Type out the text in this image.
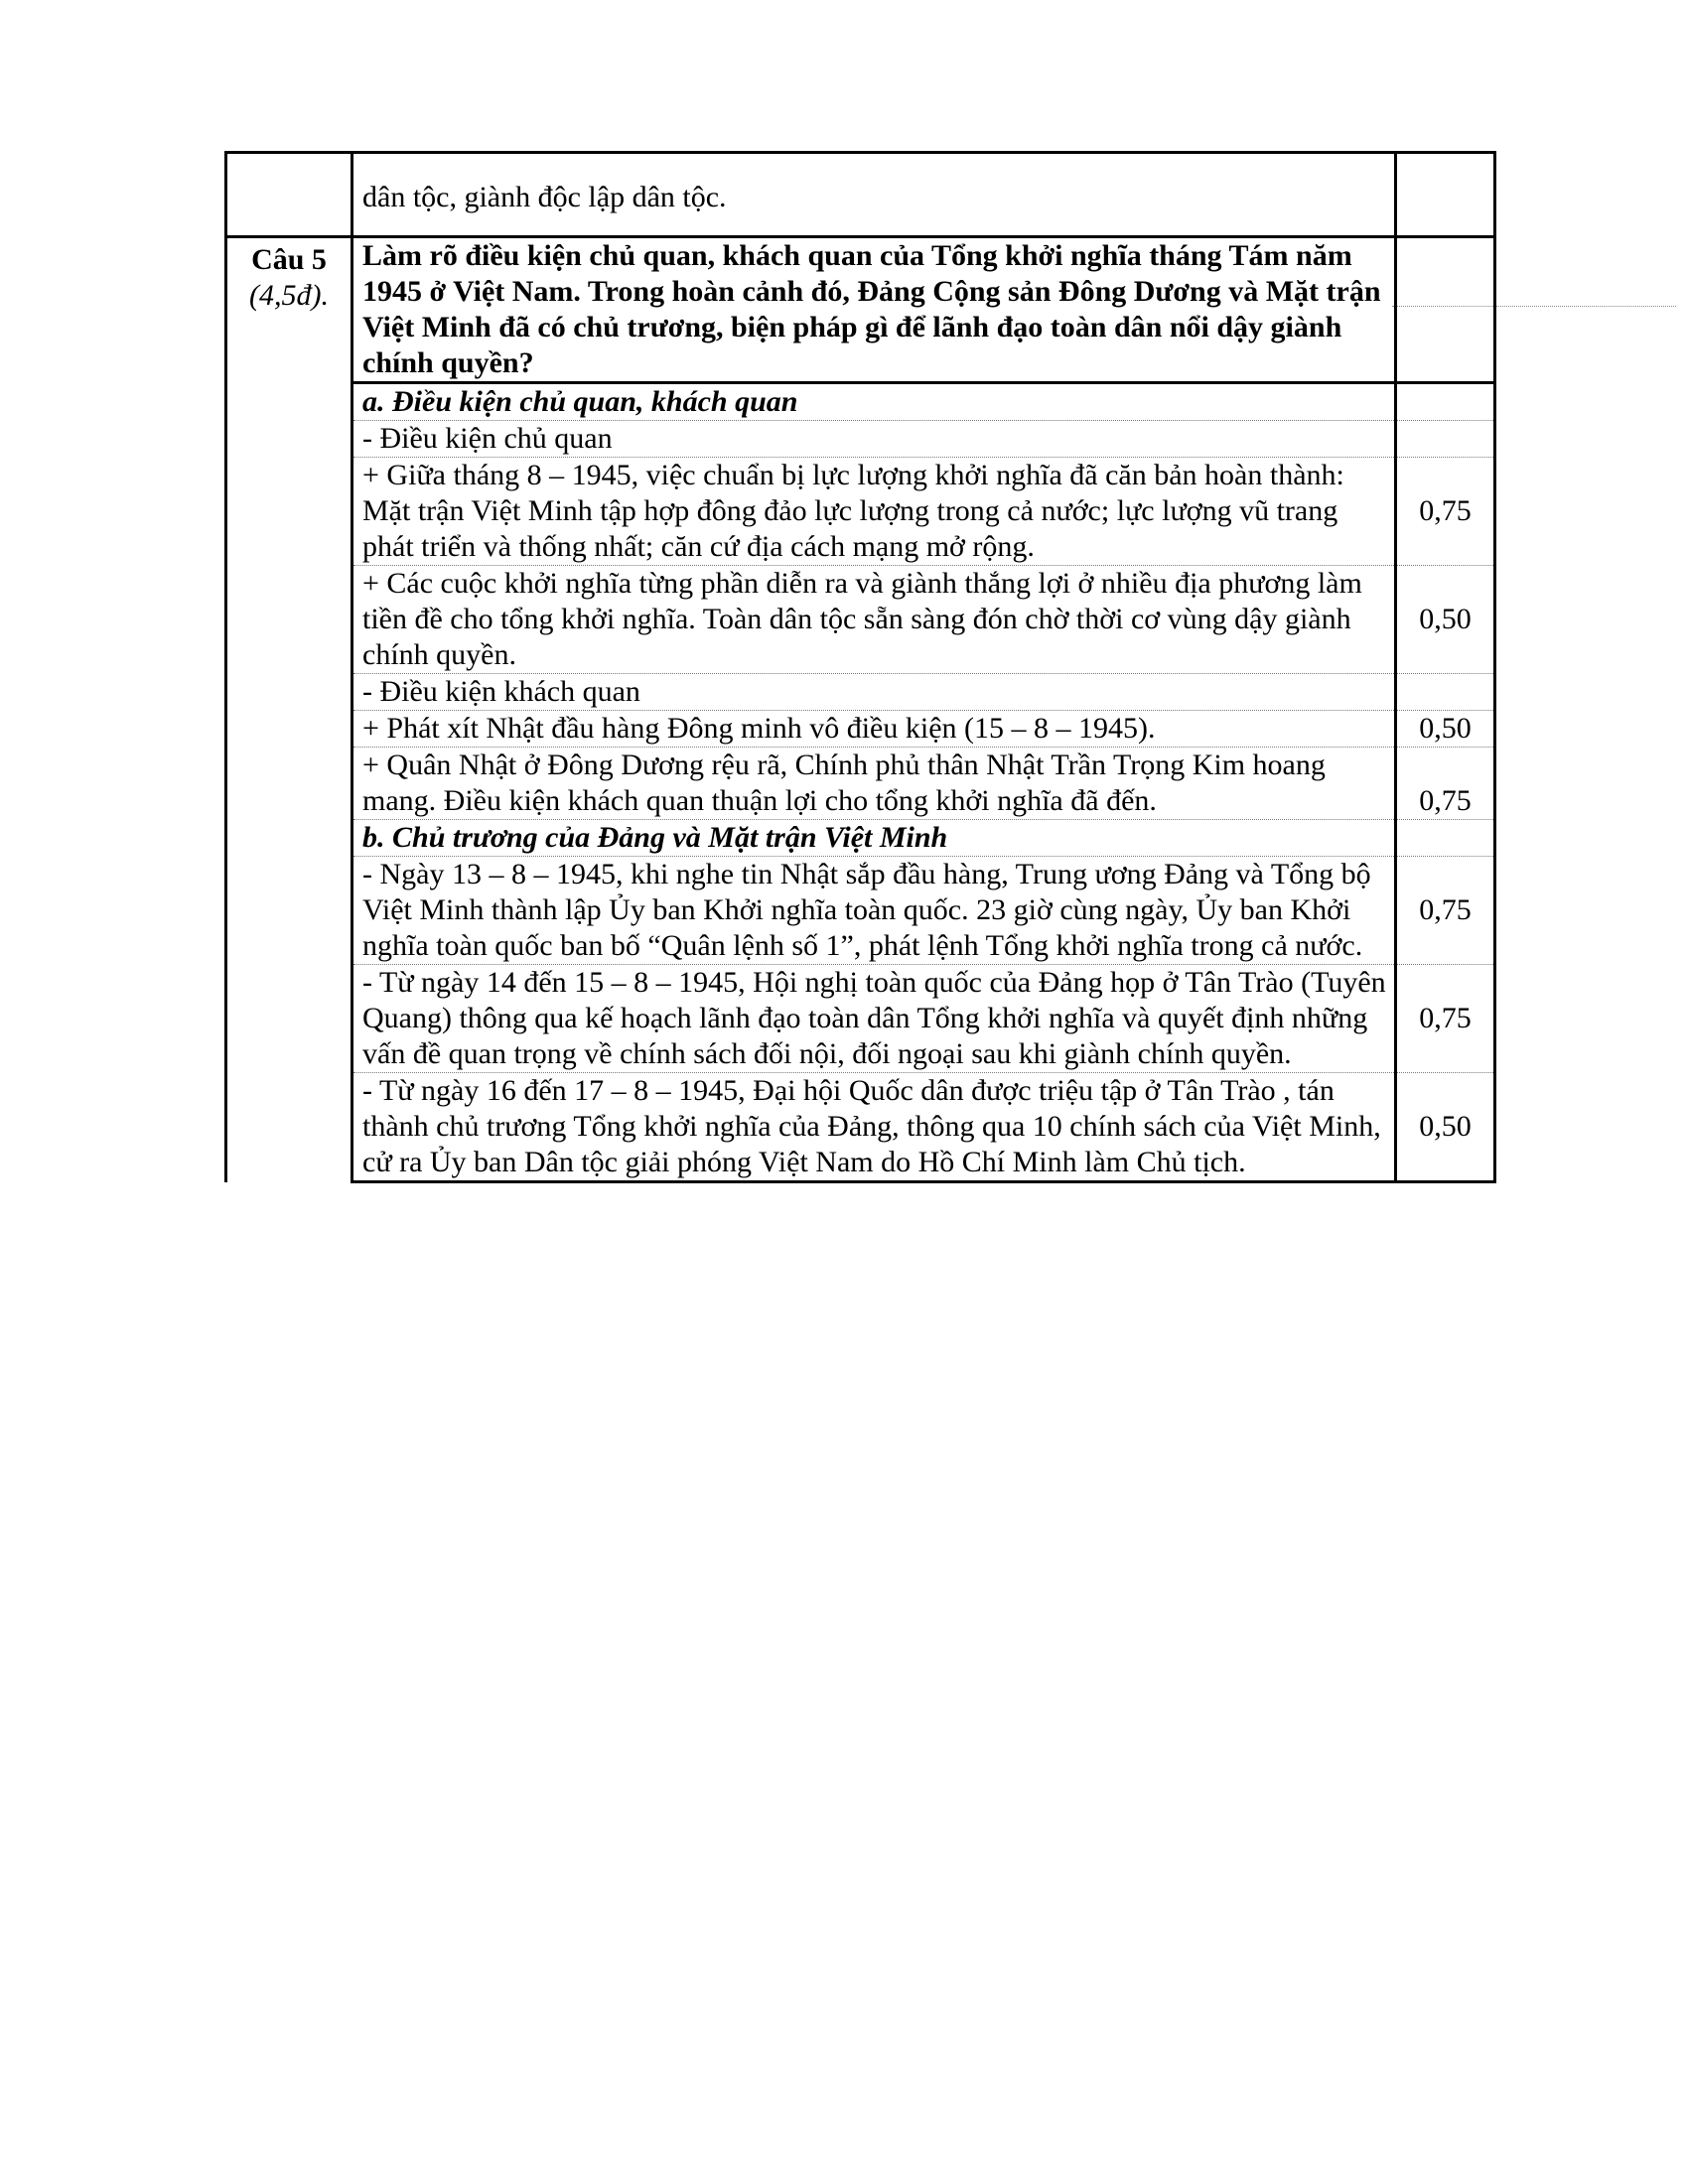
	dân tộc, giành độc lập dân tộc.	

Câu 5
(4,5đ).	Làm rõ điều kiện chủ quan, khách quan của Tổng khởi nghĩa tháng Tám năm 1945 ở Việt Nam. Trong hoàn cảnh đó, Đảng Cộng sản Đông Dương và Mặt trận Việt Minh đã có chủ trương, biện pháp gì để lãnh đạo toàn dân nổi dậy giành chính quyền?	
	a. Điều kiện chủ quan, khách quan	
	- Điều kiện chủ quan	
	+ Giữa tháng 8 – 1945, việc chuẩn bị lực lượng khởi nghĩa đã căn bản hoàn thành: Mặt trận Việt Minh tập hợp đông đảo lực lượng trong cả nước; lực lượng vũ trang phát triển và thống nhất; căn cứ địa cách mạng mở rộng.	0,75
	+ Các cuộc khởi nghĩa từng phần diễn ra và giành thắng lợi ở nhiều địa phương làm tiền đề cho tổng khởi nghĩa. Toàn dân tộc sẵn sàng đón chờ thời cơ vùng dậy giành chính quyền.	0,50
	- Điều kiện khách quan	
	+ Phát xít Nhật đầu hàng Đông minh vô điều kiện (15 – 8 – 1945).	0,50
	+ Quân Nhật ở Đông Dương rệu rã, Chính phủ thân Nhật Trần Trọng Kim hoang mang. Điều kiện khách quan thuận lợi cho tổng khởi nghĩa đã đến.	0,75
	b. Chủ trương của Đảng và Mặt trận Việt Minh	
	- Ngày 13 – 8 – 1945, khi nghe tin Nhật sắp đầu hàng, Trung ương Đảng và Tổng bộ Việt Minh thành lập Ủy ban Khởi nghĩa toàn quốc. 23 giờ cùng ngày, Ủy ban Khởi nghĩa toàn quốc ban bố “Quân lệnh số 1”, phát lệnh Tổng khởi nghĩa trong cả nước.	0,75
	- Từ ngày 14 đến 15 – 8 – 1945, Hội nghị toàn quốc của Đảng họp ở Tân Trào (Tuyên Quang) thông qua kế hoạch lãnh đạo toàn dân Tổng khởi nghĩa và quyết định những vấn đề quan trọng về chính sách đối nội, đối ngoại sau khi giành chính quyền.	0,75
	- Từ ngày 16 đến 17 – 8 – 1945, Đại hội Quốc dân được triệu tập ở Tân Trào , tán thành chủ trương Tổng khởi nghĩa của Đảng, thông qua 10 chính sách của Việt Minh, cử ra Ủy ban Dân tộc giải phóng Việt Nam do Hồ Chí Minh làm Chủ tịch.	0,50
